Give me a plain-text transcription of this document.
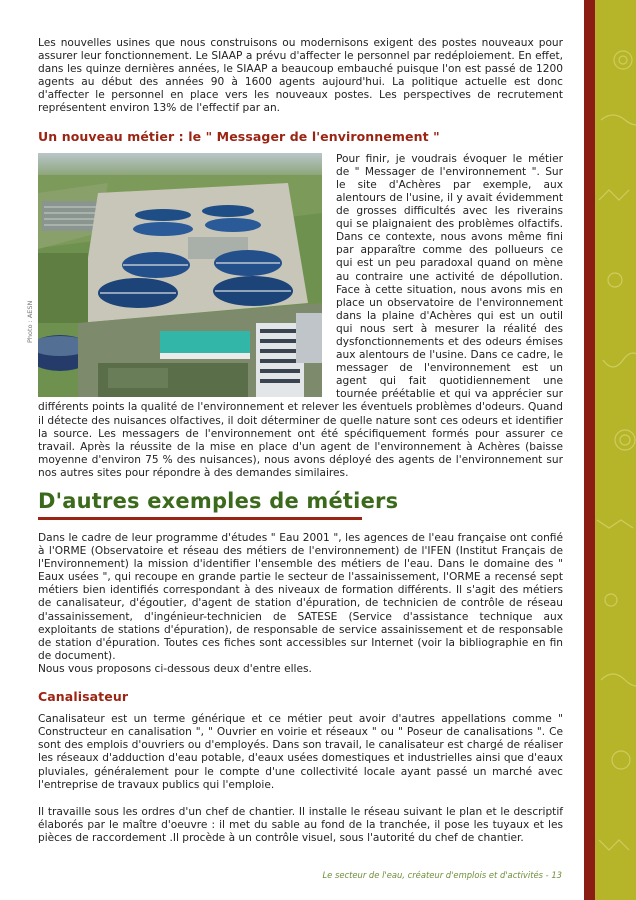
Les nouvelles usines que nous construisons ou modernisons exigent des postes nouveaux pour assurer leur fonctionnement. Le SIAAP a prévu d'affecter le personnel par redéploiement. En effet, dans les quinze dernières années, le SIAAP a beaucoup embauché puisque l'on est passé de 1200 agents au début des années 90 à 1600 agents aujourd'hui. La politique actuelle est donc d'affecter le personnel en place vers les nouveaux postes. Les perspectives de recrutement représentent environ 13% de l'effectif par an.

Un nouveau métier : le " Messager de l'environnement "
Photo : AESN

Pour finir, je voudrais évoquer le métier de " Messager de l'environnement ". Sur le site d'Achères par exemple, aux alentours de l'usine, il y avait évidemment de grosses difficultés avec les riverains qui se plaignaient des problèmes olfactifs. Dans ce contexte, nous avons même fini par apparaître comme des pollueurs ce qui est un peu paradoxal quand on mène au contraire une activité de dépollution. Face à cette situation, nous avons mis en place un observatoire de l'environnement dans la plaine d'Achères qui est un outil qui nous sert à mesurer la réalité des dysfonctionnements et des odeurs émises aux alentours de l'usine. Dans ce cadre, le messager de l'environnement est un agent qui fait quotidiennement une tournée préétablie et qui va apprécier sur différents points la qualité de l'environnement et relever les éventuels problèmes d'odeurs. Quand il détecte des nuisances olfactives, il doit déterminer de quelle nature sont ces odeurs et identifier la source. Les messagers de l'environnement ont été spécifiquement formés pour assurer ce travail. Après la réussite de la mise en place d'un agent de l'environnement à Achères (baisse moyenne d'environ 75 % des nuisances), nous avons déployé des agents de l'environnement sur nos autres sites pour répondre à des demandes similaires.

D'autres exemples de métiers

Dans le cadre de leur programme d'études " Eau 2001 ", les agences de l'eau française ont confié à l'ORME (Observatoire et réseau des métiers de l'environnement) de l'IFEN (Institut Français de l'Environnement) la mission d'identifier l'ensemble des métiers de l'eau. Dans le domaine des " Eaux usées ", qui recoupe en grande partie le secteur de l'assainissement, l'ORME a recensé sept métiers bien identifiés correspondant à des niveaux de formation différents. Il s'agit des métiers de canalisateur, d'égoutier, d'agent de station d'épuration, de technicien de contrôle de réseau d'assainissement, d'ingénieur-technicien de SATESE (Service d'assistance technique aux exploitants de stations d'épuration), de responsable de service assainissement et de responsable de station d'épuration. Toutes ces fiches sont accessibles sur Internet (voir la bibliographie en fin de document).

Nous vous proposons ci-dessous deux d'entre elles.

Canalisateur

Canalisateur est un terme générique et ce métier peut avoir d'autres appellations comme " Constructeur en canalisation ", " Ouvrier en voirie et réseaux " ou " Poseur de canalisations ". Ce sont des emplois d'ouvriers ou d'employés. Dans son travail, le canalisateur est chargé de réaliser les réseaux d'adduction d'eau potable, d'eaux usées domestiques et industrielles ainsi que d'eaux pluviales, généralement pour le compte d'une collectivité locale ayant passé un marché avec l'entreprise de travaux publics qui l'emploie.

Il travaille sous les ordres d'un chef de chantier. Il installe le réseau suivant le plan et le descriptif élaborés par le maître d'oeuvre : il met du sable au fond de la tranchée, il pose les tuyaux et les pièces de raccordement .Il procède à un contrôle visuel, sous l'autorité du chef de chantier.

Le secteur de l'eau, créateur d'emplois et d'activités - 13
